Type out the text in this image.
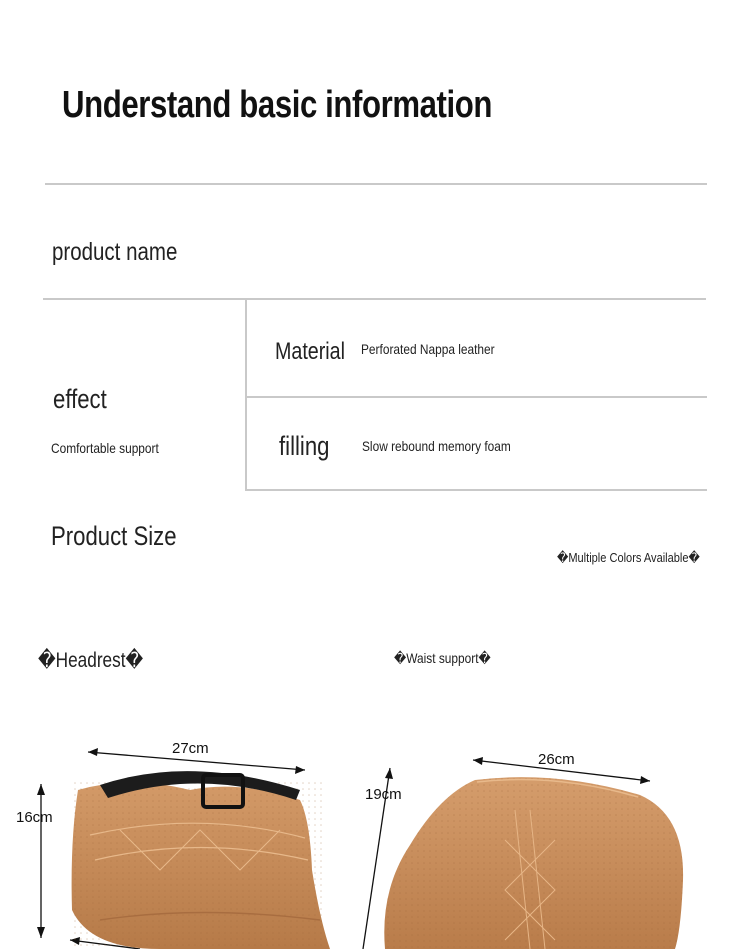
Understand basic information
product name
effect
Comfortable support
Material Perforated Nappa leather
filling Slow rebound memory foam
Product Size
�Multiple Colors Available�
�Headrest�	�Waist support�
27cm
16cm
26cm
19cm
